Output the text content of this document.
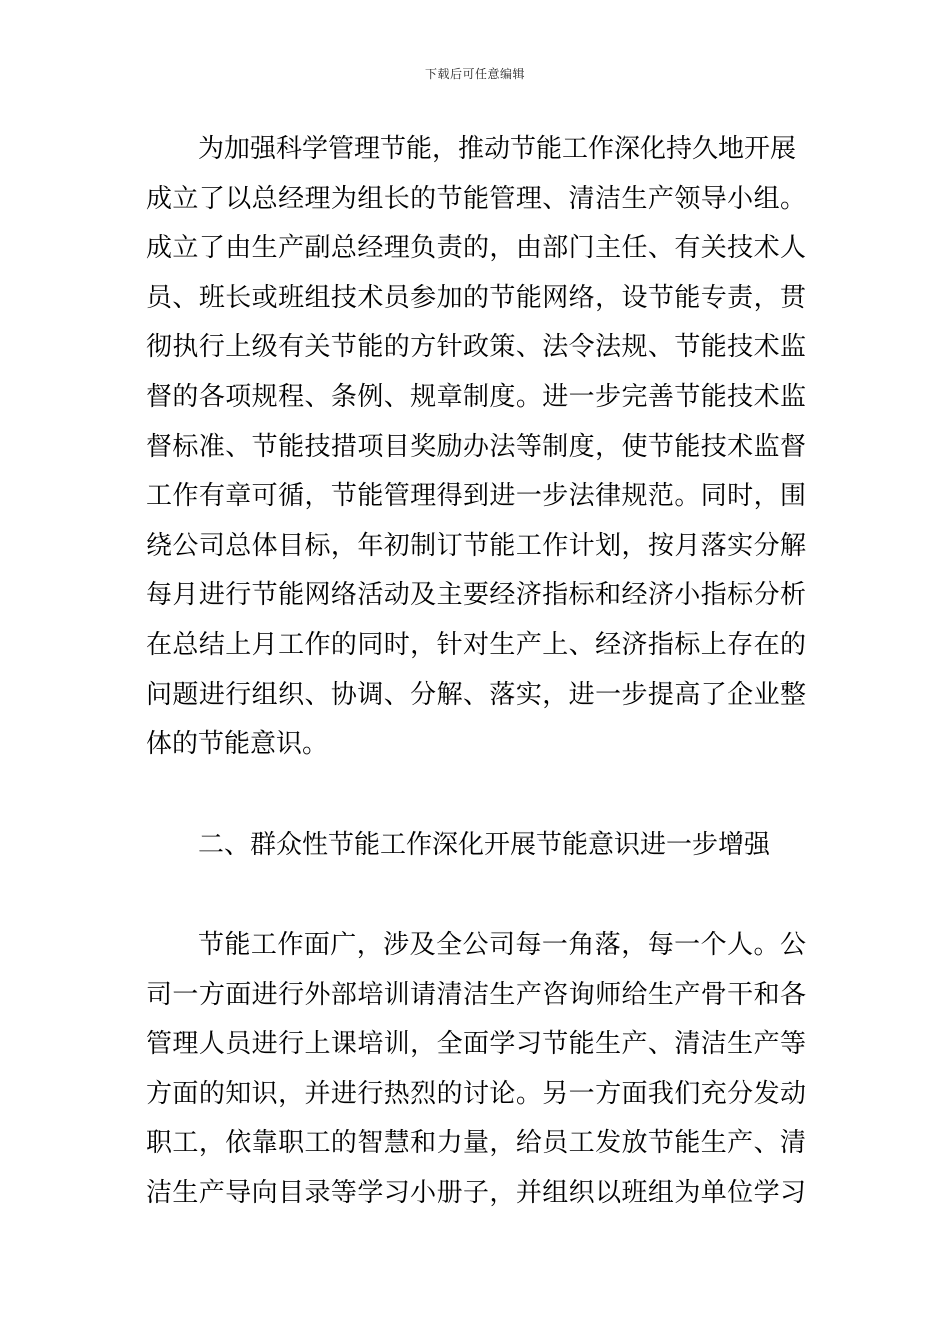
下载后可任意编辑
为加强科学管理节能，推动节能工作深化持久地开展
成立了以总经理为组长的节能管理、清洁生产领导小组。
成立了由生产副总经理负责的，由部门主任、有关技术人
员、班长或班组技术员参加的节能网络，设节能专责，贯
彻执行上级有关节能的方针政策、法令法规、节能技术监
督的各项规程、条例、规章制度。进一步完善节能技术监
督标准、节能技措项目奖励办法等制度，使节能技术监督
工作有章可循，节能管理得到进一步法律规范。同时，围
绕公司总体目标，年初制订节能工作计划，按月落实分解
每月进行节能网络活动及主要经济指标和经济小指标分析
在总结上月工作的同时，针对生产上、经济指标上存在的
问题进行组织、协调、分解、落实，进一步提高了企业整
体的节能意识。
二、群众性节能工作深化开展节能意识进一步增强
节能工作面广，涉及全公司每一角落，每一个人。公
司一方面进行外部培训请清洁生产咨询师给生产骨干和各
管理人员进行上课培训，全面学习节能生产、清洁生产等
方面的知识，并进行热烈的讨论。另一方面我们充分发动
职工，依靠职工的智慧和力量，给员工发放节能生产、清
洁生产导向目录等学习小册子，并组织以班组为单位学习
